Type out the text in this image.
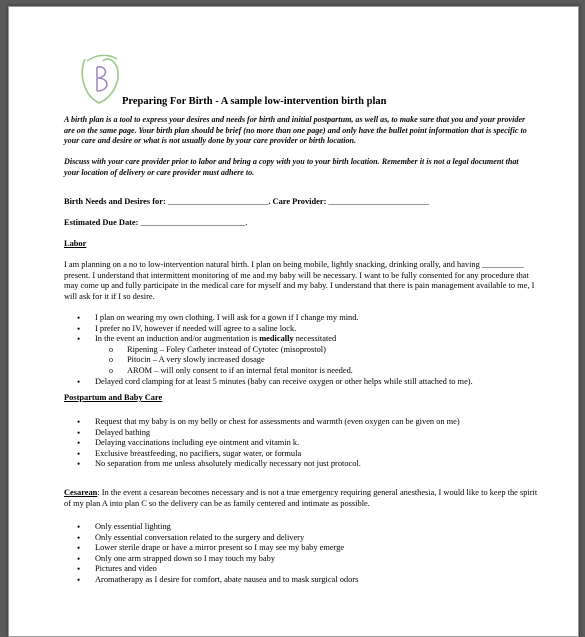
Preparing For Birth - A sample low-intervention birth plan
A birth plan is a tool to express your desires and needs for birth and initial postpartum, as well as, to make sure that you and your provider are on the same page. Your birth plan should be brief (no more than one page) and only have the bullet point information that is specific to your care and desire or what is not usually done by your care provider or birth location.
Discuss with your care provider prior to labor and bring a copy with you to your birth location. Remember it is not a legal document that your location of delivery or care provider must adhere to.
Birth Needs and Desires for: ________________________. Care Provider: ________________________
Estimated Due Date: _________________________.
Labor
I am planning on a no to low-intervention natural birth. I plan on being mobile, lightly snacking, drinking orally, and having __________ present. I understand that intermittent monitoring of me and my baby will be necessary. I want to be fully consented for any procedure that may come up and fully participate in the medical care for myself and my baby. I understand that there is pain management available to me, I will ask for it if I so desire.
• I plan on wearing my own clothing. I will ask for a gown if I change my mind.
• I prefer no IV, however if needed will agree to a saline lock.
• In the event an induction and/or augmentation is medically necessitated
o Ripening – Foley Catheter instead of Cytotec (misoprostol)
o Pitocin – A very slowly increased dosage
o AROM – will only consent to if an internal fetal monitor is needed.
• Delayed cord clamping for at least 5 minutes (baby can receive oxygen or other helps while still attached to me).
Postpartum and Baby Care
• Request that my baby is on my belly or chest for assessments and warmth (even oxygen can be given on me)
• Delayed bathing
• Delaying vaccinations including eye ointment and vitamin k.
• Exclusive breastfeeding, no pacifiers, sugar water, or formula
• No separation from me unless absolutely medically necessary not just protocol.
Cesarean: In the event a cesarean becomes necessary and is not a true emergency requiring general anesthesia, I would like to keep the spirit of my plan A into plan C so the delivery can be as family centered and intimate as possible.
• Only essential lighting
• Only essential conversation related to the surgery and delivery
• Lower sterile drape or have a mirror present so I may see my baby emerge
• Only one arm strapped down so I may touch my baby
• Pictures and video
• Aromatherapy as I desire for comfort, abate nausea and to mask surgical odors
